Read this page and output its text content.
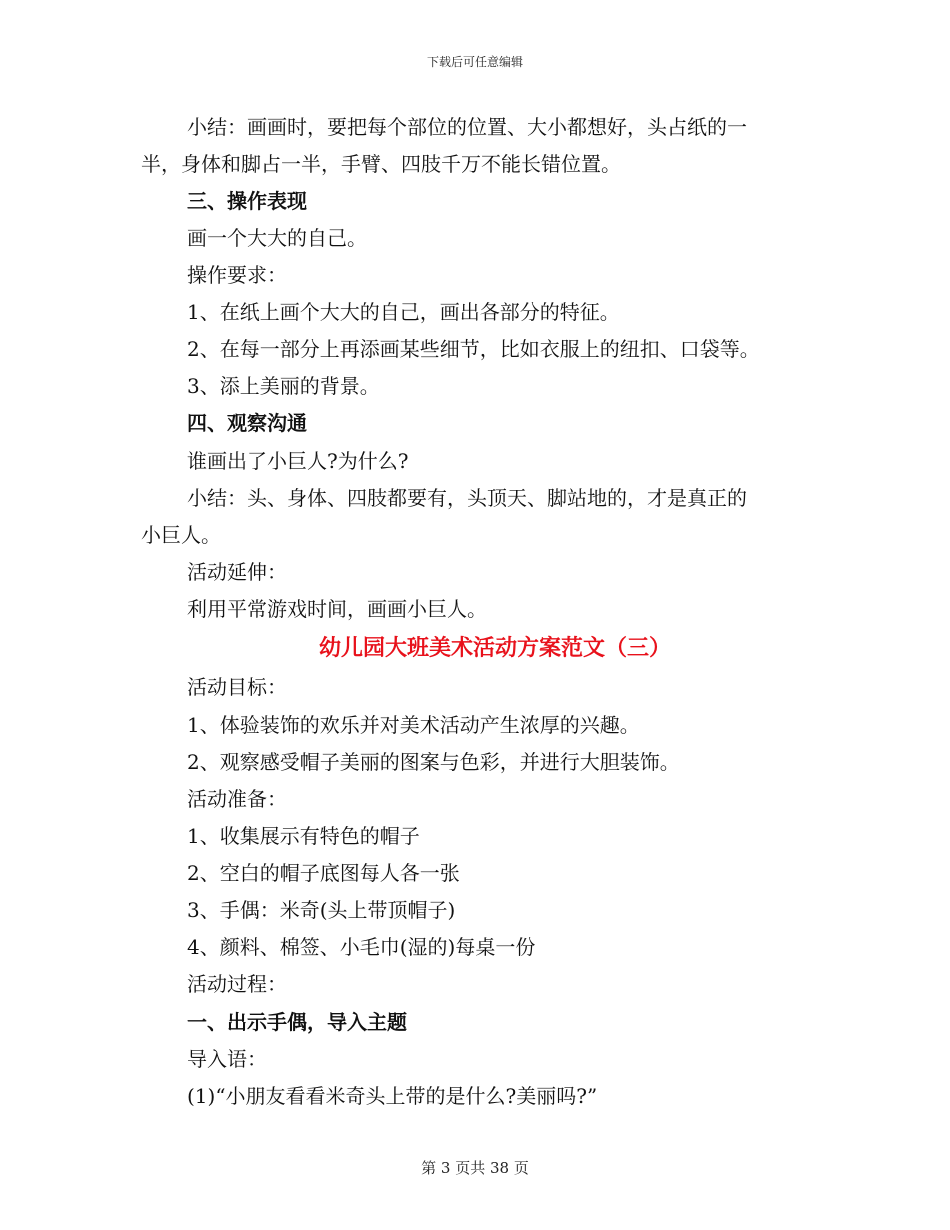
下载后可任意编辑
小结：画画时，要把每个部位的位置、大小都想好，头占纸的一
半，身体和脚占一半，手臂、四肢千万不能长错位置。
三、操作表现
画一个大大的自己。
操作要求：
1、在纸上画个大大的自己，画出各部分的特征。
2、在每一部分上再添画某些细节，比如衣服上的纽扣、口袋等。
3、添上美丽的背景。
四、观察沟通
谁画出了小巨人?为什么?
小结：头、身体、四肢都要有，头顶天、脚站地的，才是真正的
小巨人。
活动延伸：
利用平常游戏时间，画画小巨人。
幼儿园大班美术活动方案范文（三）
活动目标：
1、体验装饰的欢乐并对美术活动产生浓厚的兴趣。
2、观察感受帽子美丽的图案与色彩，并进行大胆装饰。
活动准备：
1、收集展示有特色的帽子
2、空白的帽子底图每人各一张
3、手偶：米奇(头上带顶帽子)
4、颜料、棉签、小毛巾(湿的)每桌一份
活动过程：
一、出示手偶，导入主题
导入语：
(1)“小朋友看看米奇头上带的是什么?美丽吗?”
第 3 页共 38 页
